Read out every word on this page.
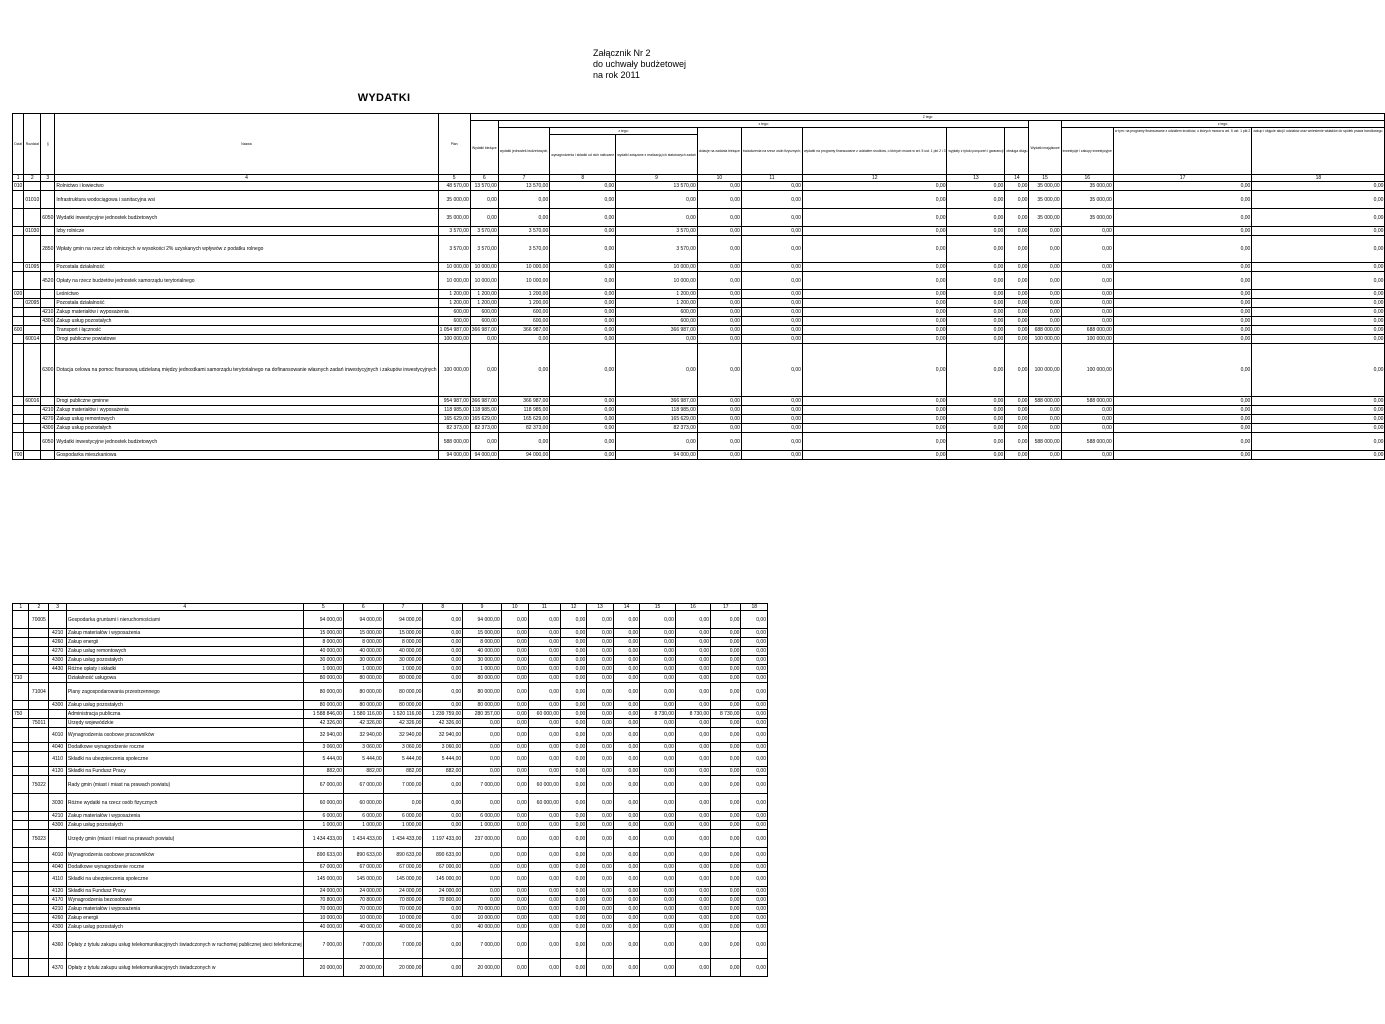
Załącznik Nr 2
do uchwały budżetowej
na rok 2011
WYDATKI
Dział	Rozdział	§	Nazwa	Plan	Z tego												
					Wydatki bieżące	z tego:								Wydatki majątkowe	z tego:		
						wydatki jednostek budżetowych,	z tego:		dotacje na zadania bieżące	świadczenia na rzecz osób fizycznych;	wydatki na programy finansowane z udziałem środków, o których mowa w art. 5 ust. 1 pkt 2 i 3	wypłaty z tytułu poręczeń i gwarancji	obsługa długu		inwestycje i zakupy inwestycyjne	w tym: na programy finansowane z udziałem środków, o których mowa w art. 5 ust. 1 pkt 2	zakup i objęcie akcji i udziałów oraz wniesienie wkładów do spółek prawa handlowego.
							wynagrodzenia i składki od nich naliczane	wydatki związane z realizacją ich statutowych zadań									

1	2	3	4	5	6	7	8	9	10	11	12	13	14	15	16	17	18
010			Rolnictwo i łowiectwo	48 570,00	13 570,00	13 570,00	0,00	13 570,00	0,00	0,00	0,00	0,00	0,00	35 000,00	35 000,00	0,00	0,00
	01010		Infrastruktura wodociągowa i sanitacyjna wsi	35 000,00	0,00	0,00	0,00	0,00	0,00	0,00	0,00	0,00	0,00	35 000,00	35 000,00	0,00	0,00
		6050	Wydatki inwestycyjne jednostek budżetowych	35 000,00	0,00	0,00	0,00	0,00	0,00	0,00	0,00	0,00	0,00	35 000,00	35 000,00	0,00	0,00
	01030		Izby rolnicze	3 570,00	3 570,00	3 570,00	0,00	3 570,00	0,00	0,00	0,00	0,00	0,00	0,00	0,00	0,00	0,00
		2850	Wpłaty gmin na rzecz izb rolniczych w wysokości 2% uzyskanych wpływów z podatku rolnego	3 570,00	3 570,00	3 570,00	0,00	3 570,00	0,00	0,00	0,00	0,00	0,00	0,00	0,00	0,00	0,00
	01095		Pozostała działalność	10 000,00	10 000,00	10 000,00	0,00	10 000,00	0,00	0,00	0,00	0,00	0,00	0,00	0,00	0,00	0,00
		4520	Opłaty na rzecz budżetów jednostek samorządu terytorialnego	10 000,00	10 000,00	10 000,00	0,00	10 000,00	0,00	0,00	0,00	0,00	0,00	0,00	0,00	0,00	0,00
020			Leśnictwo	1 200,00	1 200,00	1 200,00	0,00	1 200,00	0,00	0,00	0,00	0,00	0,00	0,00	0,00	0,00	0,00
	02095		Pozostała działalność	1 200,00	1 200,00	1 200,00	0,00	1 200,00	0,00	0,00	0,00	0,00	0,00	0,00	0,00	0,00	0,00
		4210	Zakup materiałów i wyposażenia	600,00	600,00	600,00	0,00	600,00	0,00	0,00	0,00	0,00	0,00	0,00	0,00	0,00	0,00
		4300	Zakup usług pozostałych	600,00	600,00	600,00	0,00	600,00	0,00	0,00	0,00	0,00	0,00	0,00	0,00	0,00	0,00
600			Transport i łączność	1 054 987,00	366 987,00	366 987,00	0,00	366 987,00	0,00	0,00	0,00	0,00	0,00	688 000,00	688 000,00	0,00	0,00
	60014		Drogi publiczne powiatowe	100 000,00	0,00	0,00	0,00	0,00	0,00	0,00	0,00	0,00	0,00	100 000,00	100 000,00	0,00	0,00
		6300	Dotacja celowa na pomoc finansową udzielaną między jednostkami samorządu terytorialnego na dofinansowanie własnych zadań inwestycyjnych i zakupów inwestycyjnych	100 000,00	0,00	0,00	0,00	0,00	0,00	0,00	0,00	0,00	0,00	100 000,00	100 000,00	0,00	0,00
	60016		Drogi publiczne gminne	954 987,00	366 987,00	366 987,00	0,00	366 987,00	0,00	0,00	0,00	0,00	0,00	588 000,00	588 000,00	0,00	0,00
		4210	Zakup materiałów i wyposażenia	118 985,00	118 985,00	118 985,00	0,00	118 985,00	0,00	0,00	0,00	0,00	0,00	0,00	0,00	0,00	0,00
		4270	Zakup usług remontowych	165 629,00	165 629,00	165 629,00	0,00	165 629,00	0,00	0,00	0,00	0,00	0,00	0,00	0,00	0,00	0,00
		4300	Zakup usług pozostałych	82 373,00	82 373,00	82 373,00	0,00	82 373,00	0,00	0,00	0,00	0,00	0,00	0,00	0,00	0,00	0,00
		6050	Wydatki inwestycyjne jednostek budżetowych	588 000,00	0,00	0,00	0,00	0,00	0,00	0,00	0,00	0,00	0,00	588 000,00	588 000,00	0,00	0,00
700			Gospodarka mieszkaniowa	94 000,00	94 000,00	94 000,00	0,00	94 000,00	0,00	0,00	0,00	0,00	0,00	0,00	0,00	0,00	0,00
1	2	3	4	5	6	7	8	9	10	11	12	13	14	15	16	17	18
	70005		Gospodarka gruntami i nieruchomościami	94 000,00	94 000,00	94 000,00	0,00	94 000,00	0,00	0,00	0,00	0,00	0,00	0,00	0,00	0,00	0,00
		4210	Zakup materiałów i wyposażenia	15 000,00	15 000,00	15 000,00	0,00	15 000,00	0,00	0,00	0,00	0,00	0,00	0,00	0,00	0,00	0,00
		4260	Zakup energii	8 000,00	8 000,00	8 000,00	0,00	8 000,00	0,00	0,00	0,00	0,00	0,00	0,00	0,00	0,00	0,00
		4270	Zakup usług remontowych	40 000,00	40 000,00	40 000,00	0,00	40 000,00	0,00	0,00	0,00	0,00	0,00	0,00	0,00	0,00	0,00
		4300	Zakup usług pozostałych	30 000,00	30 000,00	30 000,00	0,00	30 000,00	0,00	0,00	0,00	0,00	0,00	0,00	0,00	0,00	0,00
		4430	Różne opłaty i składki	1 000,00	1 000,00	1 000,00	0,00	1 000,00	0,00	0,00	0,00	0,00	0,00	0,00	0,00	0,00	0,00
710			Działalność usługowa	80 000,00	80 000,00	80 000,00	0,00	80 000,00	0,00	0,00	0,00	0,00	0,00	0,00	0,00	0,00	0,00
	71004		Plany zagospodarowania przestrzennego	80 000,00	80 000,00	80 000,00	0,00	80 000,00	0,00	0,00	0,00	0,00	0,00	0,00	0,00	0,00	0,00
		4300	Zakup usług pozostałych	80 000,00	80 000,00	80 000,00	0,00	80 000,00	0,00	0,00	0,00	0,00	0,00	0,00	0,00	0,00	0,00
750			Administracja publiczna	1 588 846,00	1 580 116,00	1 520 116,00	1 239 759,00	280 357,00	0,00	60 000,00	0,00	0,00	0,00	8 730,00	8 730,00	8 730,00	0,00
	75011		Urzędy wojewódzkie	42 326,00	42 326,00	42 326,00	42 326,00	0,00	0,00	0,00	0,00	0,00	0,00	0,00	0,00	0,00	0,00
		4010	Wynagrodzenia osobowe pracowników	32 940,00	32 940,00	32 940,00	32 940,00	0,00	0,00	0,00	0,00	0,00	0,00	0,00	0,00	0,00	0,00
		4040	Dodatkowe wynagrodzenie roczne	3 060,00	3 060,00	3 060,00	3 060,00	0,00	0,00	0,00	0,00	0,00	0,00	0,00	0,00	0,00	0,00
		4110	Składki na ubezpieczenia społeczne	5 444,00	5 444,00	5 444,00	5 444,00	0,00	0,00	0,00	0,00	0,00	0,00	0,00	0,00	0,00	0,00
		4120	Składki na Fundusz Pracy	882,00	882,00	882,00	882,00	0,00	0,00	0,00	0,00	0,00	0,00	0,00	0,00	0,00	0,00
	75022		Rady gmin (miast i miast na prawach powiatu)	67 000,00	67 000,00	7 000,00	0,00	7 000,00	0,00	60 000,00	0,00	0,00	0,00	0,00	0,00	0,00	0,00
		3030	Różne wydatki na rzecz osób fizycznych	60 000,00	60 000,00	0,00	0,00	0,00	0,00	60 000,00	0,00	0,00	0,00	0,00	0,00	0,00	0,00
		4210	Zakup materiałów i wyposażenia	6 000,00	6 000,00	6 000,00	0,00	6 000,00	0,00	0,00	0,00	0,00	0,00	0,00	0,00	0,00	0,00
		4300	Zakup usług pozostałych	1 000,00	1 000,00	1 000,00	0,00	1 000,00	0,00	0,00	0,00	0,00	0,00	0,00	0,00	0,00	0,00
	75023		Urzędy gmin (miast i miast na prawach powiatu)	1 434 433,00	1 434 433,00	1 434 433,00	1 197 433,00	237 000,00	0,00	0,00	0,00	0,00	0,00	0,00	0,00	0,00	0,00
		4010	Wynagrodzenia osobowe pracowników	890 633,00	890 633,00	890 633,00	890 633,00	0,00	0,00	0,00	0,00	0,00	0,00	0,00	0,00	0,00	0,00
		4040	Dodatkowe wynagrodzenie roczne	67 000,00	67 000,00	67 000,00	67 000,00	0,00	0,00	0,00	0,00	0,00	0,00	0,00	0,00	0,00	0,00
		4110	Składki na ubezpieczenia społeczne	145 000,00	145 000,00	145 000,00	145 000,00	0,00	0,00	0,00	0,00	0,00	0,00	0,00	0,00	0,00	0,00
		4120	Składki na Fundusz Pracy	24 000,00	24 000,00	24 000,00	24 000,00	0,00	0,00	0,00	0,00	0,00	0,00	0,00	0,00	0,00	0,00
		4170	Wynagrodzenia bezosobowe	70 800,00	70 800,00	70 800,00	70 800,00	0,00	0,00	0,00	0,00	0,00	0,00	0,00	0,00	0,00	0,00
		4210	Zakup materiałów i wyposażenia	70 000,00	70 000,00	70 000,00	0,00	70 000,00	0,00	0,00	0,00	0,00	0,00	0,00	0,00	0,00	0,00
		4260	Zakup energii	10 000,00	10 000,00	10 000,00	0,00	10 000,00	0,00	0,00	0,00	0,00	0,00	0,00	0,00	0,00	0,00
		4300	Zakup usług pozostałych	40 000,00	40 000,00	40 000,00	0,00	40 000,00	0,00	0,00	0,00	0,00	0,00	0,00	0,00	0,00	0,00
		4360	Opłaty z tytułu zakupu usług telekomunikacyjnych świadczonych w ruchomej publicznej sieci telefonicznej	7 000,00	7 000,00	7 000,00	0,00	7 000,00	0,00	0,00	0,00	0,00	0,00	0,00	0,00	0,00	0,00
		4370	Opłaty z tytułu zakupu usług telekomunikacyjnych świadczonych w	20 000,00	20 000,00	20 000,00	0,00	20 000,00	0,00	0,00	0,00	0,00	0,00	0,00	0,00	0,00	0,00
